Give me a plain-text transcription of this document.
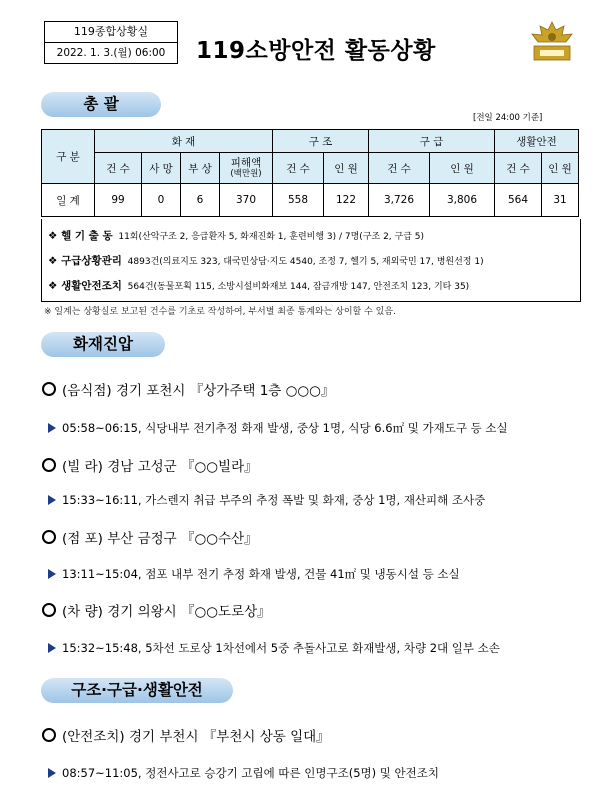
119종합상황실
2022. 1. 3.(월) 06:00	119소방안전 활동상황
총 괄
[전일 24:00 기준]
구 분	화 재				구 조		구 급		생활안전	
	건 수	사 망	부 상	피해액
(백만원)	건 수	인 원	건 수	인 원	건 수	인 원
일 계	99	0	6	370	558	122	3,726	3,806	564	31
❖ 헬 기 출 동 11회(산악구조 2, 응급환자 5, 화재진화 1, 훈련비행 3) / 7명(구조 2, 구급 5)
❖ 구급상황관리 4893건(의료지도 323, 대국민상담·지도 4540, 조정 7, 헬기 5, 재외국민 17, 병원선정 1)
❖ 생활안전조치 564건(동물포획 115, 소방시설비화재보 144, 잠금개방 147, 안전조치 123, 기타 35)
※ 일계는 상황실로 보고된 건수를 기초로 작성하여, 부서별 최종 통계와는 상이할 수 있음.
화재진압
(음식점) 경기 포천시 『상가주택 1층 ○○○』
05:58~06:15, 식당내부 전기추정 화재 발생, 중상 1명, 식당 6.6㎡ 및 가재도구 등 소실
(빌 라) 경남 고성군 『○○빌라』
15:33~16:11, 가스렌지 취급 부주의 추정 폭발 및 화재, 중상 1명, 재산피해 조사중
(점 포) 부산 금정구 『○○수산』
13:11~15:04, 점포 내부 전기 추정 화재 발생, 건물 41㎡ 및 냉동시설 등 소실
(차 량) 경기 의왕시 『○○도로상』
15:32~15:48, 5차선 도로상 1차선에서 5중 추돌사고로 화재발생, 차량 2대 일부 소손
구조·구급·생활안전
(안전조치) 경기 부천시 『부천시 상동 일대』
08:57~11:05, 정전사고로 승강기 고립에 따른 인명구조(5명) 및 안전조치
